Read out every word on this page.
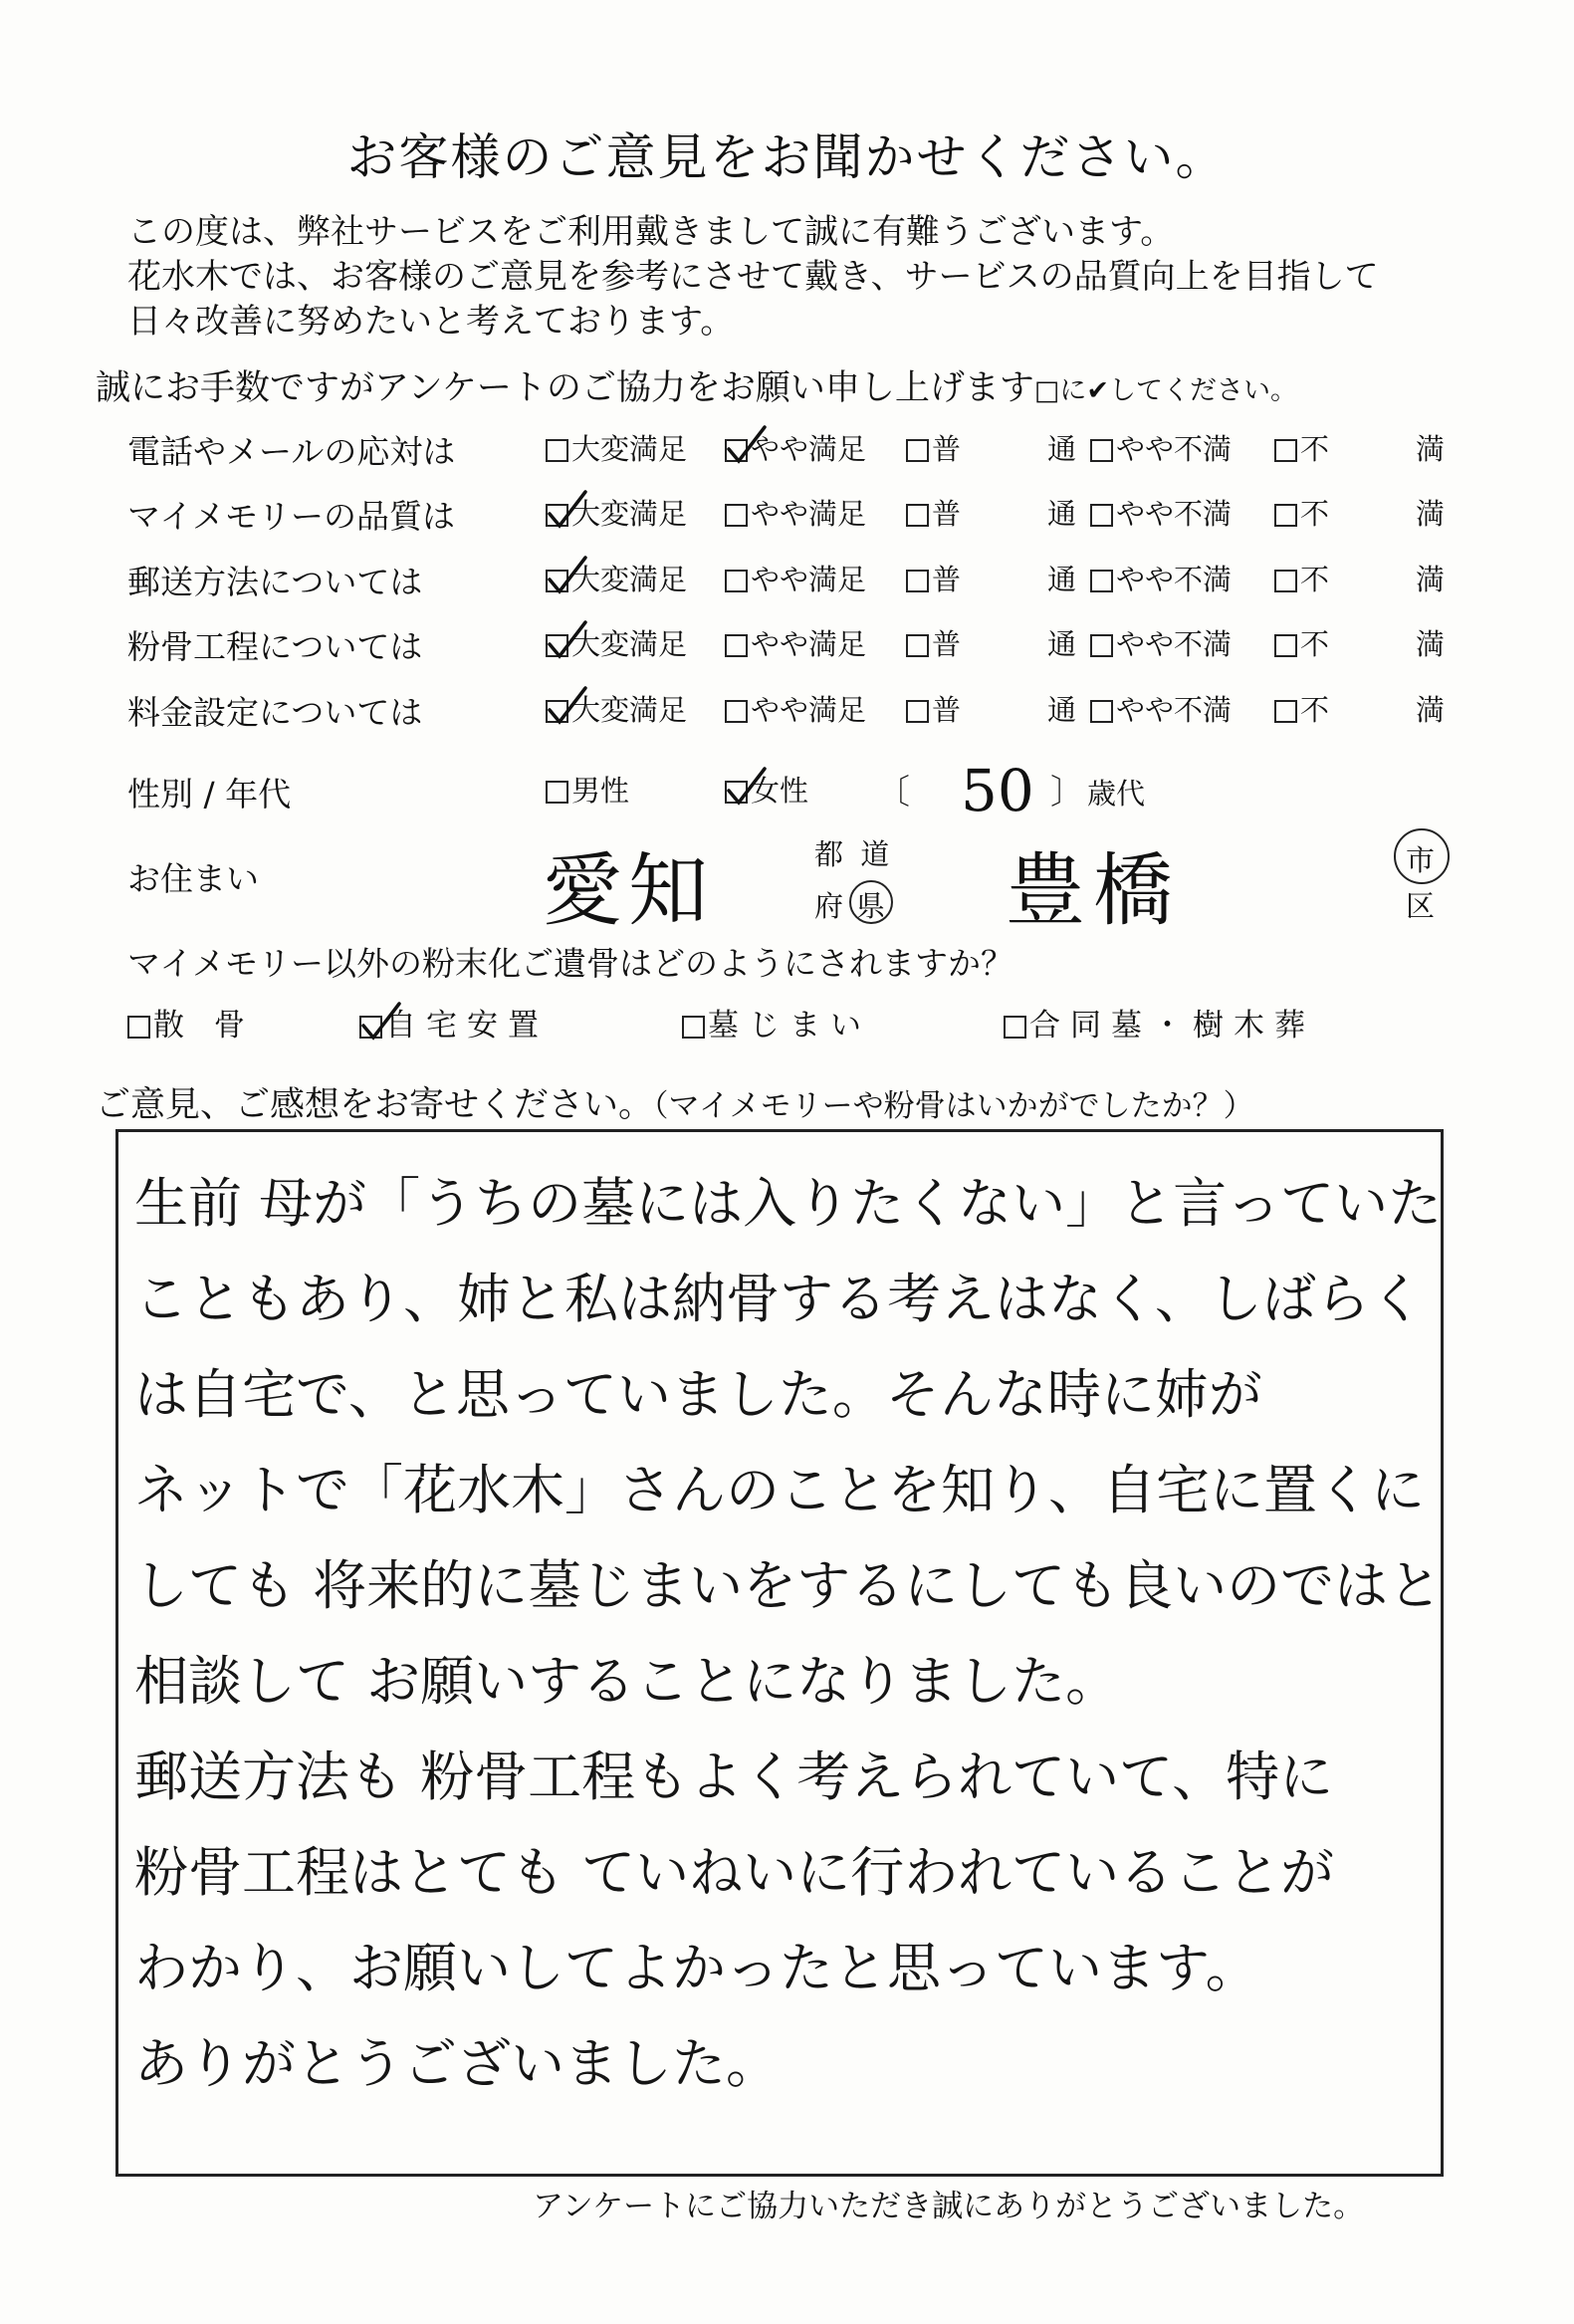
お客様のご意見をお聞かせください。
この度は、弊社サービスをご利用戴きまして誠に有難うございます。
花水木では、お客様のご意見を参考にさせて戴き、サービスの品質向上を目指して
日々改善に努めたいと考えております。
誠にお手数ですがアンケートのご協力をお願い申し上げます□に✔してください。
電話やメールの応対は	大変満足	やや満足	普　　　通	やや不満	不　　　満
マイメモリーの品質は	大変満足	やや満足	普　　　通	やや不満	不　　　満
郵送方法については	大変満足	やや満足	普　　　通	やや不満	不　　　満
粉骨工程については	大変満足	やや満足	普　　　通	やや不満	不　　　満
料金設定については	大変満足	やや満足	普　　　通	やや不満	不　　　満
性別 / 年代	男性	女性 〔 50 〕 歳代
お住まい	愛知	都 道
府 県 豊橋	市
区
マイメモリー以外の粉末化ご遺骨はどのようにされますか？
散 骨	自宅安置	墓じまい	合同墓・樹木葬
ご意見、ご感想をお寄せください。（マイメモリーや粉骨はいかがでしたか？）
生前 母が「うちの墓には入りたくない」と言っていた
こともあり、姉と私は納骨する考えはなく、しばらく
は自宅で、と思っていました。そんな時に姉が
ネットで「花水木」さんのことを知り、自宅に置くに
しても 将来的に墓じまいをするにしても良いのではと
相談して お願いすることになりました。
郵送方法も 粉骨工程もよく考えられていて、特に
粉骨工程はとても ていねいに行われていることが
わかり、お願いしてよかったと思っています。
ありがとうございました。
アンケートにご協力いただき誠にありがとうございました。
